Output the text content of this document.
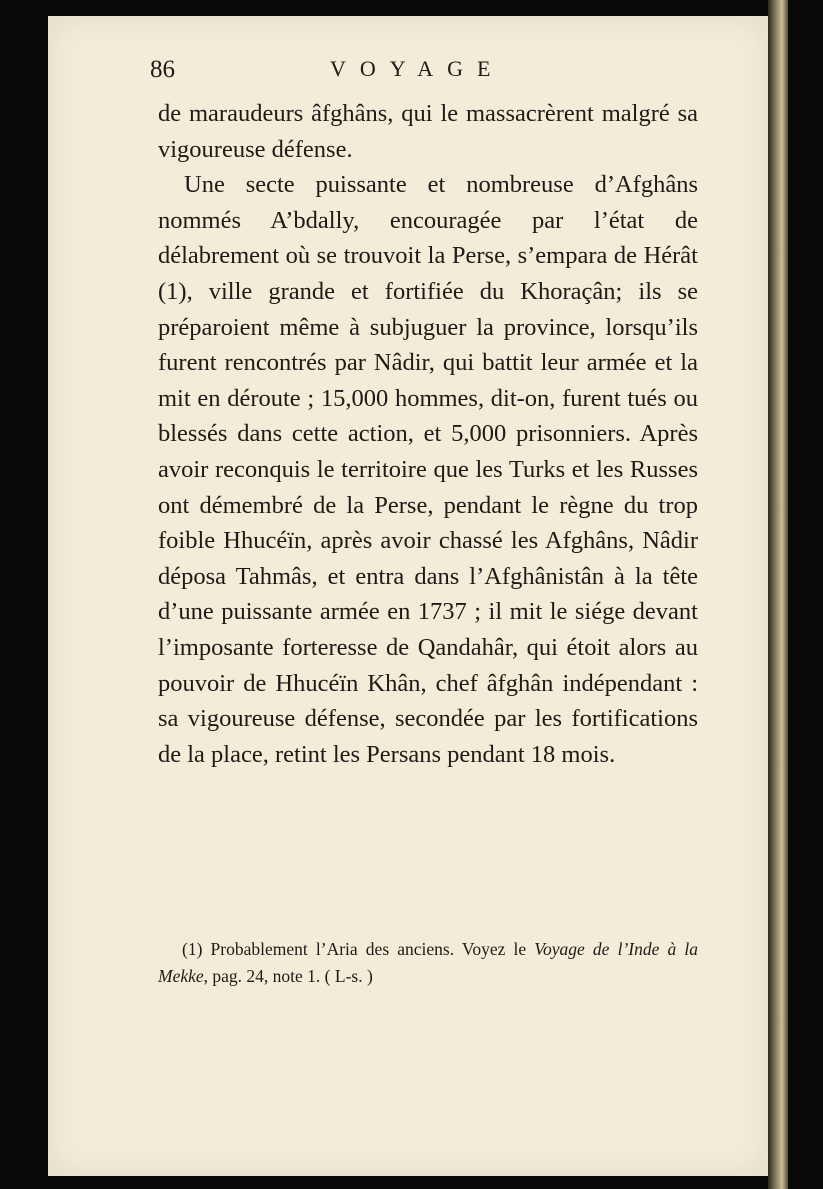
86	VOYAGE

de maraudeurs âfghâns, qui le massacrèrent malgré sa vigoureuse défense.

Une secte puissante et nombreuse d’Afghâns nommés A’bdally, encouragée par l’état de délabrement où se trouvoit la Perse, s’empara de Hérât (1), ville grande et fortifiée du Khoraçân; ils se préparoient même à subjuguer la province, lorsqu’ils furent rencontrés par Nâdir, qui battit leur armée et la mit en déroute ; 15,000 hommes, dit-on, furent tués ou blessés dans cette action, et 5,000 prisonniers. Après avoir reconquis le territoire que les Turks et les Russes ont démembré de la Perse, pendant le règne du trop foible Hhucéïn, après avoir chassé les Afghâns, Nâdir déposa Tahmâs, et entra dans l’Afghânistân à la tête d’une puissante armée en 1737 ; il mit le siége devant l’imposante forteresse de Qandahâr, qui étoit alors au pouvoir de Hhucéïn Khân, chef âfghân indépendant : sa vigoureuse défense, secondée par les fortifications de la place, retint les Persans pendant 18 mois.

(1) Probablement l’Aria des anciens. Voyez le Voyage de l’Inde à la Mekke, pag. 24, note 1. ( L-s. )
